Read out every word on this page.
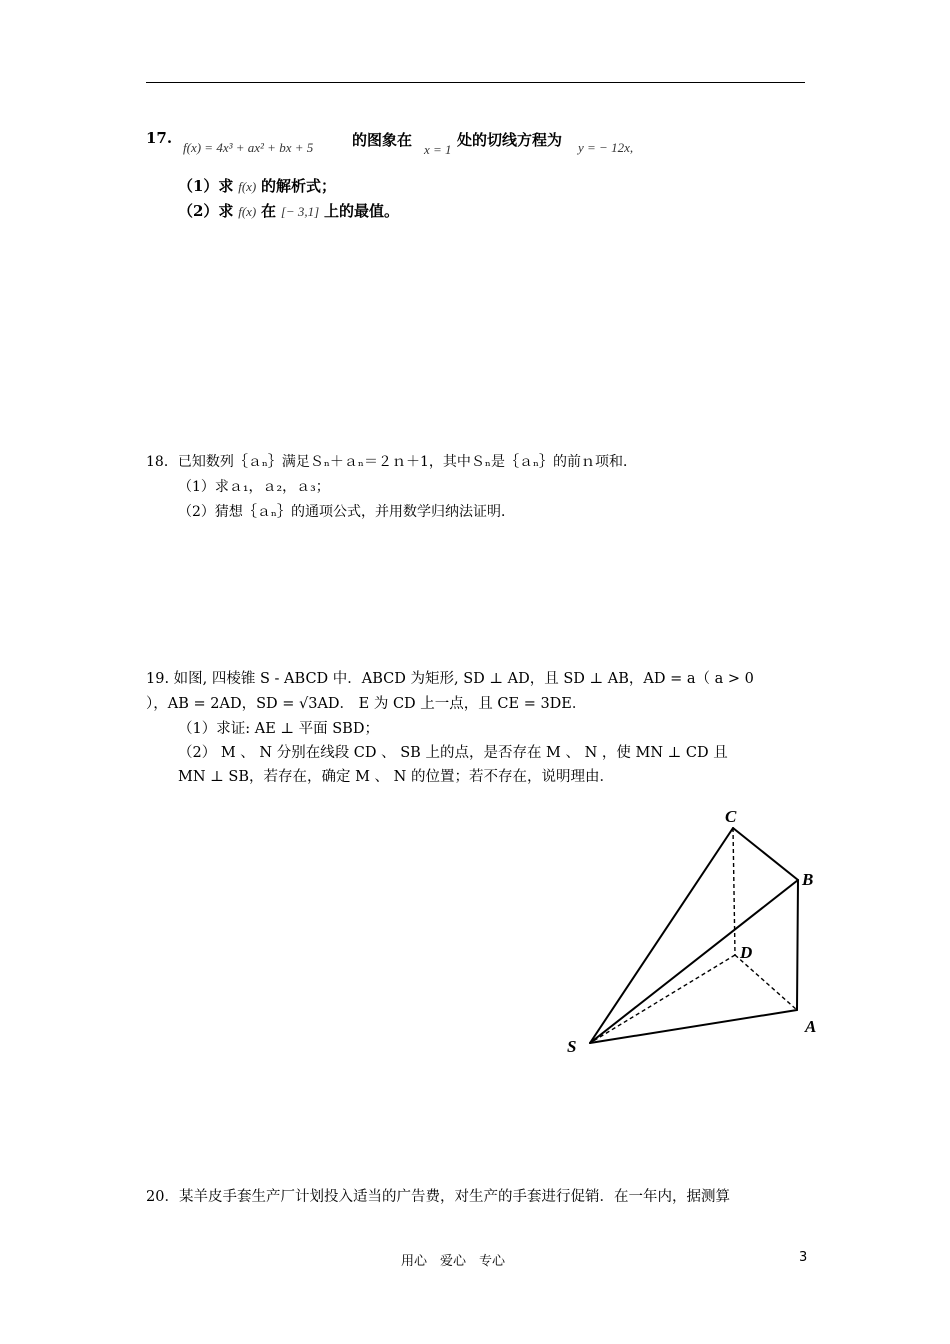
17.
f(x) = 4x³ + ax² + bx + 5	的图象在
x = 1
处的切线方程为 y = − 12x,
（1）求 f(x) 的解析式；
（2）求 f(x) 在 [− 3,1] 上的最值。
18．已知数列｛ａₙ｝满足Ｓₙ＋ａₙ＝２ｎ＋1，其中Ｓₙ是｛ａₙ｝的前ｎ项和．
（1）求ａ₁，ａ₂，ａ₃；
（2）猜想｛ａₙ｝的通项公式，并用数学归纳法证明．
19. 如图, 四棱锥 S - ABCD 中．ABCD 为矩形, SD ⊥ AD，且 SD ⊥ AB，AD = a（ a > 0
），AB = 2AD，SD = √3AD． E 为 CD 上一点，且 CE = 3DE．
（1）求证: AE ⊥ 平面 SBD；
（2） M 、 N 分别在线段 CD 、 SB 上的点，是否存在 M 、 N ，使 MN ⊥ CD 且
MN ⊥ SB，若存在，确定 M 、 N 的位置；若不存在，说明理由．
C
B
D
A
S
20．某羊皮手套生产厂计划投入适当的广告费，对生产的手套进行促销．在一年内，据测算
用心　爱心　专心	3
